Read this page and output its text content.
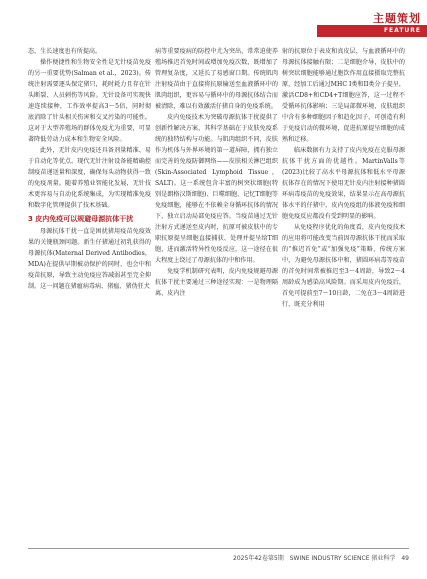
主题策划
FEATURE

态，生长速度也有所提高。

操作便捷性和生物安全性是无针疫苗免疫的另一重要优势(Salman et al.，2023)。传统注射需要逐头保定猪只，耗时耗力且存在针头断裂、人员刺伤等风险。无针设备可实现快速连续接种，工作效率提高3～5倍，同时彻底消除了针头相关伤害和交叉污染的可能性。这对于大型养殖场的群体免疫尤为重要，可显著降低劳动力成本和生物安全风险。

此外，无针皮内免疫还具备剂量精准、易于自动化等优点。现代无针注射设备能精确控制疫苗递送量和深度，确保每头动物获得一致的免疫剂量。随着养殖业智能化发展，无针技术更容易与自动化系统集成，为实现精准免疫和数字化管理提供了技术基础。

3 皮内免疫可以规避母源抗体干扰

母源抗体干扰一直是困扰猪用疫苗免疫效果的关键瓶颈问题。新生仔猪通过初乳获得的母源抗体(Maternal Derived Antibodies，MDA)在提供早期被动保护的同时，也会中和疫苗抗原，导致主动免疫应答减弱甚至完全抑制。这一问题在猪瘟病毒病、猪瘟、猪伪狂犬

病等重要疫病的防控中尤为突出，常常迫使养殖场推迟首免时间或增加免疫次数，既增加了管理复杂度，又延长了易感窗口期。传统肌肉注射疫苗由于直接将抗原输送至血液循环中的肌肉组织，更容易与循环中的母源抗体结合而被清除，难以有效激活仔猪自身的免疫系统。

皮内免疫技术为突破母源抗体干扰提供了创新性解决方案，其科学基础在于皮肤免疫系统的独特结构与功能。与肌肉组织不同，皮肤作为机体与外界环境的第一道屏障，拥有独立而完善的免疫防御网络——皮肤相关淋巴组织(Skin-Associated Lymphoid Tissue，SALT)。这一系统包含丰富的树突状细胞(特别是朗格汉斯细胞)、巨噬细胞、记忆T细胞等免疫细胞，能够在不依赖全身循环抗体的情况下，独立启动局部免疫应答。当疫苗通过无针注射方式递送至皮内时，抗原可被皮肤中的专职抗原提呈细胞直接捕获、处理并提呈给T细胞，进而激活特异性免疫反应，这一途径在很大程度上绕过了母源抗体的中和作用。

免疫学机制研究表明，皮内免疫规避母源抗体干扰主要通过三种途径实现：一是物理隔离，皮内注

射的抗原位于表皮和真皮层，与血液循环中的母源抗体接触有限；二是细胞介导，皮肤中的树突状细胞能够通过胞饮作用直接摄取完整抗原，经加工后通过MHC I类和II类分子提呈，激活CD8+和CD4+T细胞应答，这一过程不受循环抗体影响；三是局部微环境，皮肤组织中含有多种细胞因子和趋化因子，可创造有利于免疫启动的微环境，促进抗原提呈细胞的成熟和迁移。

临床数据有力支持了皮内免疫在克服母源抗体干扰方面的优越性。MartinValls等(2023)比较了高水平母源抗体和低水平母源抗体存在的情况下使用无针皮内注射接种猪圆环病毒疫苗的免疫效果，结果显示在高母源抗体水平的仔猪中，皮内免疫组的体液免疫和细胞免疫反应都没有受到明显的影响。

从免疫程序优化的角度看，皮内免疫技术的应用将可能改变当前因母源抗体干扰而采取的“推迟首免”或“加强免疫”策略，传统方案中，为避免母源抗体中和，猪圆环病毒等疫苗的首免时间常被推迟至3～4周龄，导致2～4周龄成为感染高风险期。而采用皮内免疫后，首免可提前至7～10日龄，二免在3～4周龄进行，既充分利用

2025年42卷第5期 SWINE INDUSTRY SCIENCE 猪业科学 49
